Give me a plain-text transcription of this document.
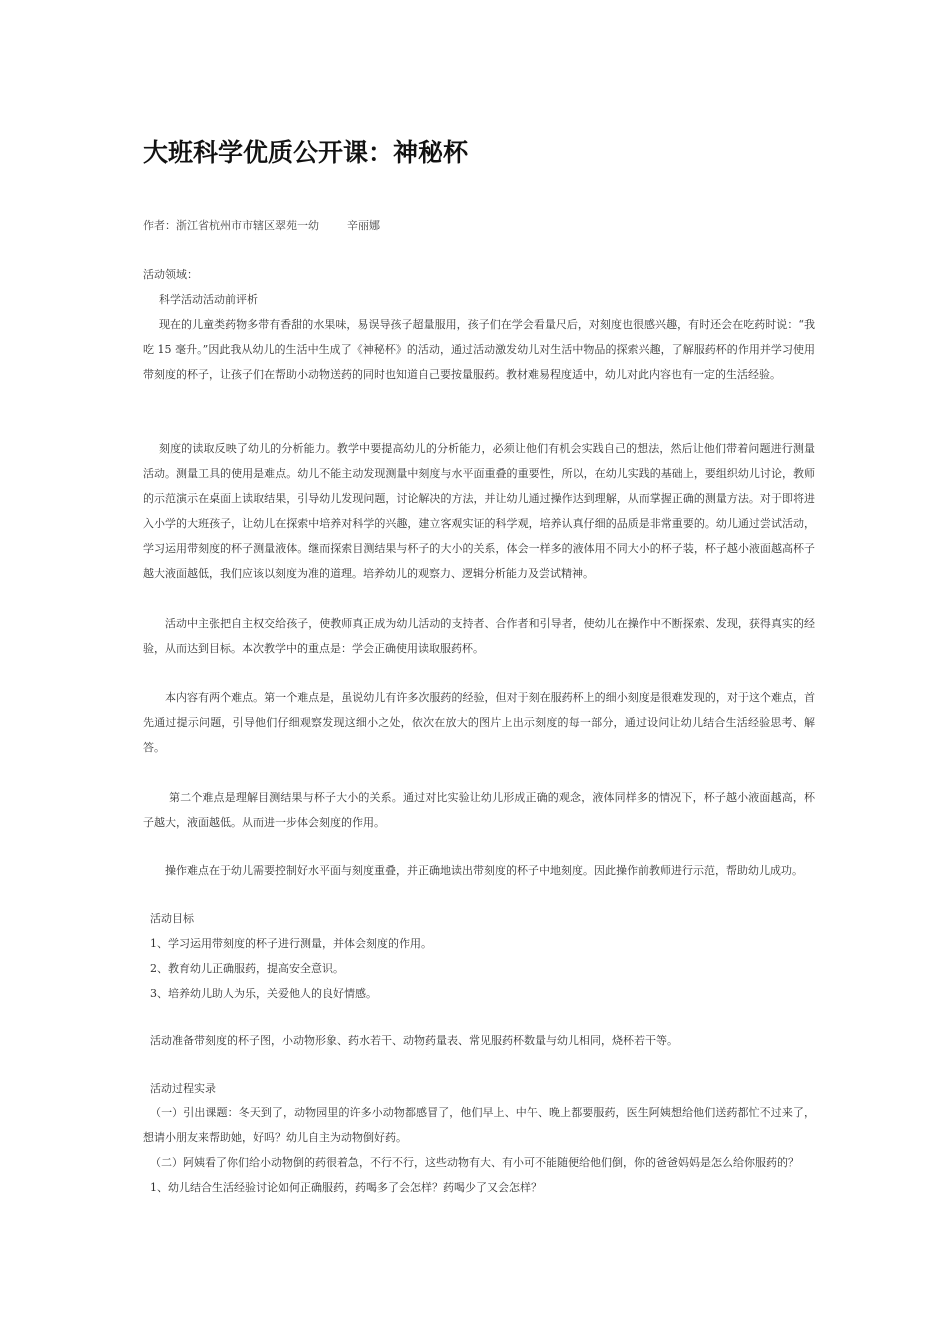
大班科学优质公开课：神秘杯

作者：浙江省杭州市市辖区翠苑一幼	辛丽娜

活动领域：

科学活动活动前评析

现在的儿童类药物多带有香甜的水果味，易误导孩子超量服用，孩子们在学会看量尺后，对刻度也很感兴趣，有时还会在吃药时说：“我吃 15 毫升。”因此我从幼儿的生活中生成了《神秘杯》的活动，通过活动激发幼儿对生活中物品的探索兴趣，了解服药杯的作用并学习使用带刻度的杯子，让孩子们在帮助小动物送药的同时也知道自己要按量服药。教材难易程度适中，幼儿对此内容也有一定的生活经验。

刻度的读取反映了幼儿的分析能力。教学中要提高幼儿的分析能力，必须让他们有机会实践自己的想法，然后让他们带着问题进行测量活动。测量工具的使用是难点。幼儿不能主动发现测量中刻度与水平面重叠的重要性，所以，在幼儿实践的基础上，要组织幼儿讨论，教师的示范演示在桌面上读取结果，引导幼儿发现问题，讨论解决的方法，并让幼儿通过操作达到理解，从而掌握正确的测量方法。对于即将进入小学的大班孩子，让幼儿在探索中培养对科学的兴趣，建立客观实证的科学观，培养认真仔细的品质是非常重要的。幼儿通过尝试活动，学习运用带刻度的杯子测量液体。继而探索目测结果与杯子的大小的关系，体会一样多的液体用不同大小的杯子装，杯子越小液面越高杯子越大液面越低，我们应该以刻度为准的道理。培养幼儿的观察力、逻辑分析能力及尝试精神。

活动中主张把自主权交给孩子，使教师真正成为幼儿活动的支持者、合作者和引导者，使幼儿在操作中不断探索、发现，获得真实的经验，从而达到目标。本次教学中的重点是：学会正确使用读取服药杯。

本内容有两个难点。第一个难点是，虽说幼儿有许多次服药的经验，但对于刻在服药杯上的细小刻度是很难发现的，对于这个难点，首先通过提示问题，引导他们仔细观察发现这细小之处，依次在放大的图片上出示刻度的每一部分，通过设问让幼儿结合生活经验思考、解答。

第二个难点是理解目测结果与杯子大小的关系。通过对比实验让幼儿形成正确的观念，液体同样多的情况下，杯子越小液面越高，杯子越大，液面越低。从而进一步体会刻度的作用。

操作难点在于幼儿需要控制好水平面与刻度重叠，并正确地读出带刻度的杯子中地刻度。因此操作前教师进行示范，帮助幼儿成功。

活动目标

1、学习运用带刻度的杯子进行测量，并体会刻度的作用。

2、教育幼儿正确服药，提高安全意识。

3、培养幼儿助人为乐，关爱他人的良好情感。

活动准备带刻度的杯子图，小动物形象、药水若干、动物药量表、常见服药杯数量与幼儿相同，烧杯若干等。

活动过程实录

（一）引出课题：冬天到了，动物园里的许多小动物都感冒了，他们早上、中午、晚上都要服药，医生阿姨想给他们送药都忙不过来了，想请小朋友来帮助她，好吗？幼儿自主为动物倒好药。

（二）阿姨看了你们给小动物倒的药很着急，不行不行，这些动物有大、有小可不能随便给他们倒，你的爸爸妈妈是怎么给你服药的？

1、幼儿结合生活经验讨论如何正确服药，药喝多了会怎样？药喝少了又会怎样？
